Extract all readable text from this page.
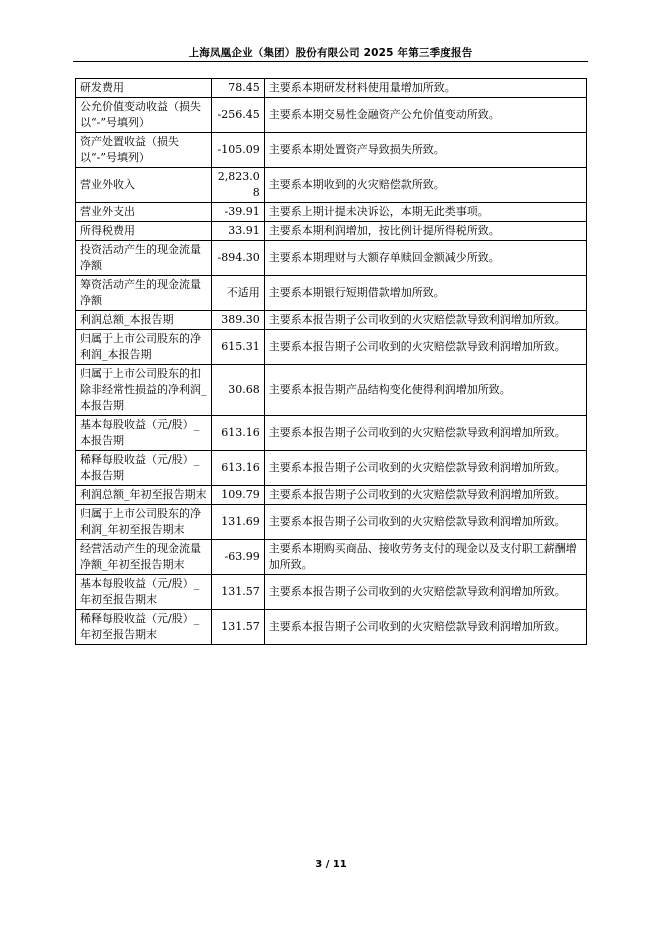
上海凤凰企业（集团）股份有限公司 2025 年第三季度报告
研发费用	78.45	主要系本期研发材料使用量增加所致。
公允价值变动收益（损失以“-”号填列）	-256.45	主要系本期交易性金融资产公允价值变动所致。
资产处置收益（损失以“-”号填列）	-105.09	主要系本期处置资产导致损失所致。
营业外收入	2,823.08	主要系本期收到的火灾赔偿款所致。
营业外支出	-39.91	主要系上期计提未决诉讼，本期无此类事项。
所得税费用	33.91	主要系本期利润增加，按比例计提所得税所致。
投资活动产生的现金流量净额	-894.30	主要系本期理财与大额存单赎回金额减少所致。
筹资活动产生的现金流量净额	不适用	主要系本期银行短期借款增加所致。
利润总额_本报告期	389.30	主要系本报告期子公司收到的火灾赔偿款导致利润增加所致。
归属于上市公司股东的净利润_本报告期	615.31	主要系本报告期子公司收到的火灾赔偿款导致利润增加所致。
归属于上市公司股东的扣除非经常性损益的净利润_本报告期	30.68	主要系本报告期产品结构变化使得利润增加所致。
基本每股收益（元/股）_本报告期	613.16	主要系本报告期子公司收到的火灾赔偿款导致利润增加所致。
稀释每股收益（元/股）_本报告期	613.16	主要系本报告期子公司收到的火灾赔偿款导致利润增加所致。
利润总额_年初至报告期末	109.79	主要系本报告期子公司收到的火灾赔偿款导致利润增加所致。
归属于上市公司股东的净利润_年初至报告期末	131.69	主要系本报告期子公司收到的火灾赔偿款导致利润增加所致。
经营活动产生的现金流量净额_年初至报告期末	-63.99	主要系本期购买商品、接收劳务支付的现金以及支付职工薪酬增加所致。
基本每股收益（元/股）_年初至报告期末	131.57	主要系本报告期子公司收到的火灾赔偿款导致利润增加所致。
稀释每股收益（元/股）_年初至报告期末	131.57	主要系本报告期子公司收到的火灾赔偿款导致利润增加所致。
3 / 11
